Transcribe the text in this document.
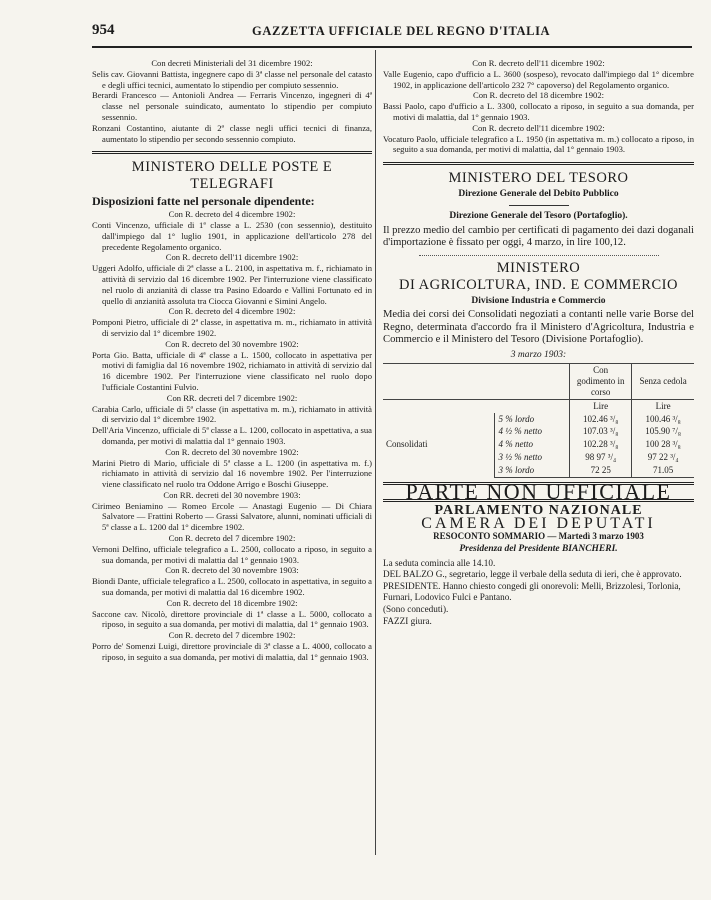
954	GAZZETTA UFFICIALE DEL REGNO D'ITALIA

Con decreti Ministeriali del 31 dicembre 1902:

Selis cav. Giovanni Battista, ingegnere capo di 3ª classe nel personale del catasto e degli uffici tecnici, aumentato lo stipendio per compiuto sessennio.

Berardi Francesco — Antonioli Andrea — Ferraris Vincenzo, ingegneri di 4ª classe nel personale suindicato, aumentato lo stipendio per compiuto sessennio.

Ronzani Costantino, aiutante di 2ª classe negli uffici tecnici di finanza, aumentato lo stipendio per secondo sessennio compiuto.

MINISTERO DELLE POSTE E TELEGRAFI

Disposizioni fatte nel personale dipendente:

Con R. decreto del 4 dicembre 1902:

Conti Vincenzo, ufficiale di 1ª classe a L. 2530 (con sessennio), destituito dall'impiego dal 1° luglio 1901, in applicazione dell'articolo 278 del precedente Regolamento organico.

Con R. decreto dell'11 dicembre 1902:

Uggeri Adolfo, ufficiale di 2ª classe a L. 2100, in aspettativa m. f., richiamato in attività di servizio dal 16 dicembre 1902. Per l'interruzione viene classificato nel ruolo di anzianità di classe tra Pasino Edoardo e Vallini Fortunato ed in quello di anzianità assoluta tra Ciocca Giovanni e Simini Angelo.

Con R. decreto del 4 dicembre 1902:

Pomponi Pietro, ufficiale di 2ª classe, in aspettativa m. m., richiamato in attività di servizio dal 1° dicembre 1902.

Con R. decreto del 30 novembre 1902:

Porta Gio. Batta, ufficiale di 4ª classe a L. 1500, collocato in aspettativa per motivi di famiglia dal 16 novembre 1902, richiamato in attività di servizio dal 16 dicembre 1902. Per l'interruzione viene classificato nel ruolo dopo l'ufficiale Costantini Fulvio.

Con RR. decreti del 7 dicembre 1902:

Carabia Carlo, ufficiale di 5ª classe (in aspettativa m. m.), richiamato in attività di servizio dal 1° dicembre 1902.

Dell'Aria Vincenzo, ufficiale di 5ª classe a L. 1200, collocato in aspettativa, a sua domanda, per motivi di malattia dal 1° gennaio 1903.

Con R. decreto del 30 novembre 1902:

Marini Pietro di Mario, ufficiale di 5ª classe a L. 1200 (in aspettativa m. f.) richiamato in attività di servizio dal 16 novembre 1902. Per l'interruzione viene classificato nel ruolo tra Oddone Arrigo e Boschi Giuseppe.

Con RR. decreti del 30 novembre 1903:

Cirimeo Beniamino — Romeo Ercole — Anastagi Eugenio — Di Chiara Salvatore — Frattini Roberto — Grassi Salvatore, alunni, nominati ufficiali di 5ª classe a L. 1200 dal 1° dicembre 1902.

Con R. decreto del 7 dicembre 1902:

Vernoni Delfino, ufficiale telegrafico a L. 2500, collocato a riposo, in seguito a sua domanda, per motivi di malattia dal 1° gennaio 1903.

Con R. decreto del 30 novembre 1903:

Biondi Dante, ufficiale telegrafico a L. 2500, collocato in aspettativa, in seguito a sua domanda, per motivi di malattia dal 16 dicembre 1902.

Con R. decreto del 18 dicembre 1902:

Saccone cav. Nicolò, direttore provinciale di 1ª classe a L. 5000, collocato a riposo, in seguito a sua domanda, per motivi di malattia, dal 1° gennaio 1903.

Con R. decreto del 7 dicembre 1902:

Porro de' Somenzi Luigi, direttore provinciale di 3ª classe a L. 4000, collocato a riposo, in seguito a sua domanda, per motivi di malattia, dal 1° gennaio 1903.

Con R. decreto dell'11 dicembre 1902:

Valle Eugenio, capo d'ufficio a L. 3600 (sospeso), revocato dall'impiego dal 1° dicembre 1902, in applicazione dell'articolo 232 7° capoverso) del Regolamento organico.

Con R. decreto del 18 dicembre 1902:

Bassi Paolo, capo d'ufficio a L. 3300, collocato a riposo, in seguito a sua domanda, per motivi di malattia, dal 1° gennaio 1903.

Con R. decreto dell'11 dicembre 1902:

Vocaturo Paolo, ufficiale telegrafico a L. 1950 (in aspettativa m. m.) collocato a riposo, in seguito a sua domanda, per motivi di malattia, dal 1° gennaio 1903.

MINISTERO DEL TESORO

Direzione Generale del Debito Pubblico

Direzione Generale del Tesoro (Portafoglio).

Il prezzo medio del cambio per certificati di pagamento dei dazi doganali d'importazione è fissato per oggi, 4 marzo, in lire 100,12.

MINISTERO

DI AGRICOLTURA, IND. E COMMERCIO

Divisione Industria e Commercio

Media dei corsi dei Consolidati negoziati a contanti nelle varie Borse del Regno, determinata d'accordo fra il Ministero d'Agricoltura, Industria e Commercio e il Ministero del Tesoro (Divisione Portafoglio).

3 marzo 1903:

		Con godimento in corso	Senza cedola
		Lire	Lire
Consolidati	5 % lordo	102.46 ³/₈	100.46 ³/₈
	4 ½ % netto	107.03 ³/₈	105.90 ⁷/₈
	4 % netto	102.28 ³/₈	100 28 ³/₈
	3 ½ % netto	98 97 ³/₄	97 22 ³/₄
	3 % lordo	72 25	71.05

PARTE NON UFFICIALE

PARLAMENTO NAZIONALE

CAMERA DEI DEPUTATI

RESOCONTO SOMMARIO — Martedì 3 marzo 1903

Presidenza del Presidente BIANCHERI.

La seduta comincia alle 14.10.

DEL BALZO G., segretario, legge il verbale della seduta di ieri, che è approvato.

PRESIDENTE. Hanno chiesto congedi gli onorevoli: Melli, Brizzolesi, Torlonia, Furnari, Lodovico Fulci e Pantano.

(Sono conceduti).

FAZZI giura.
